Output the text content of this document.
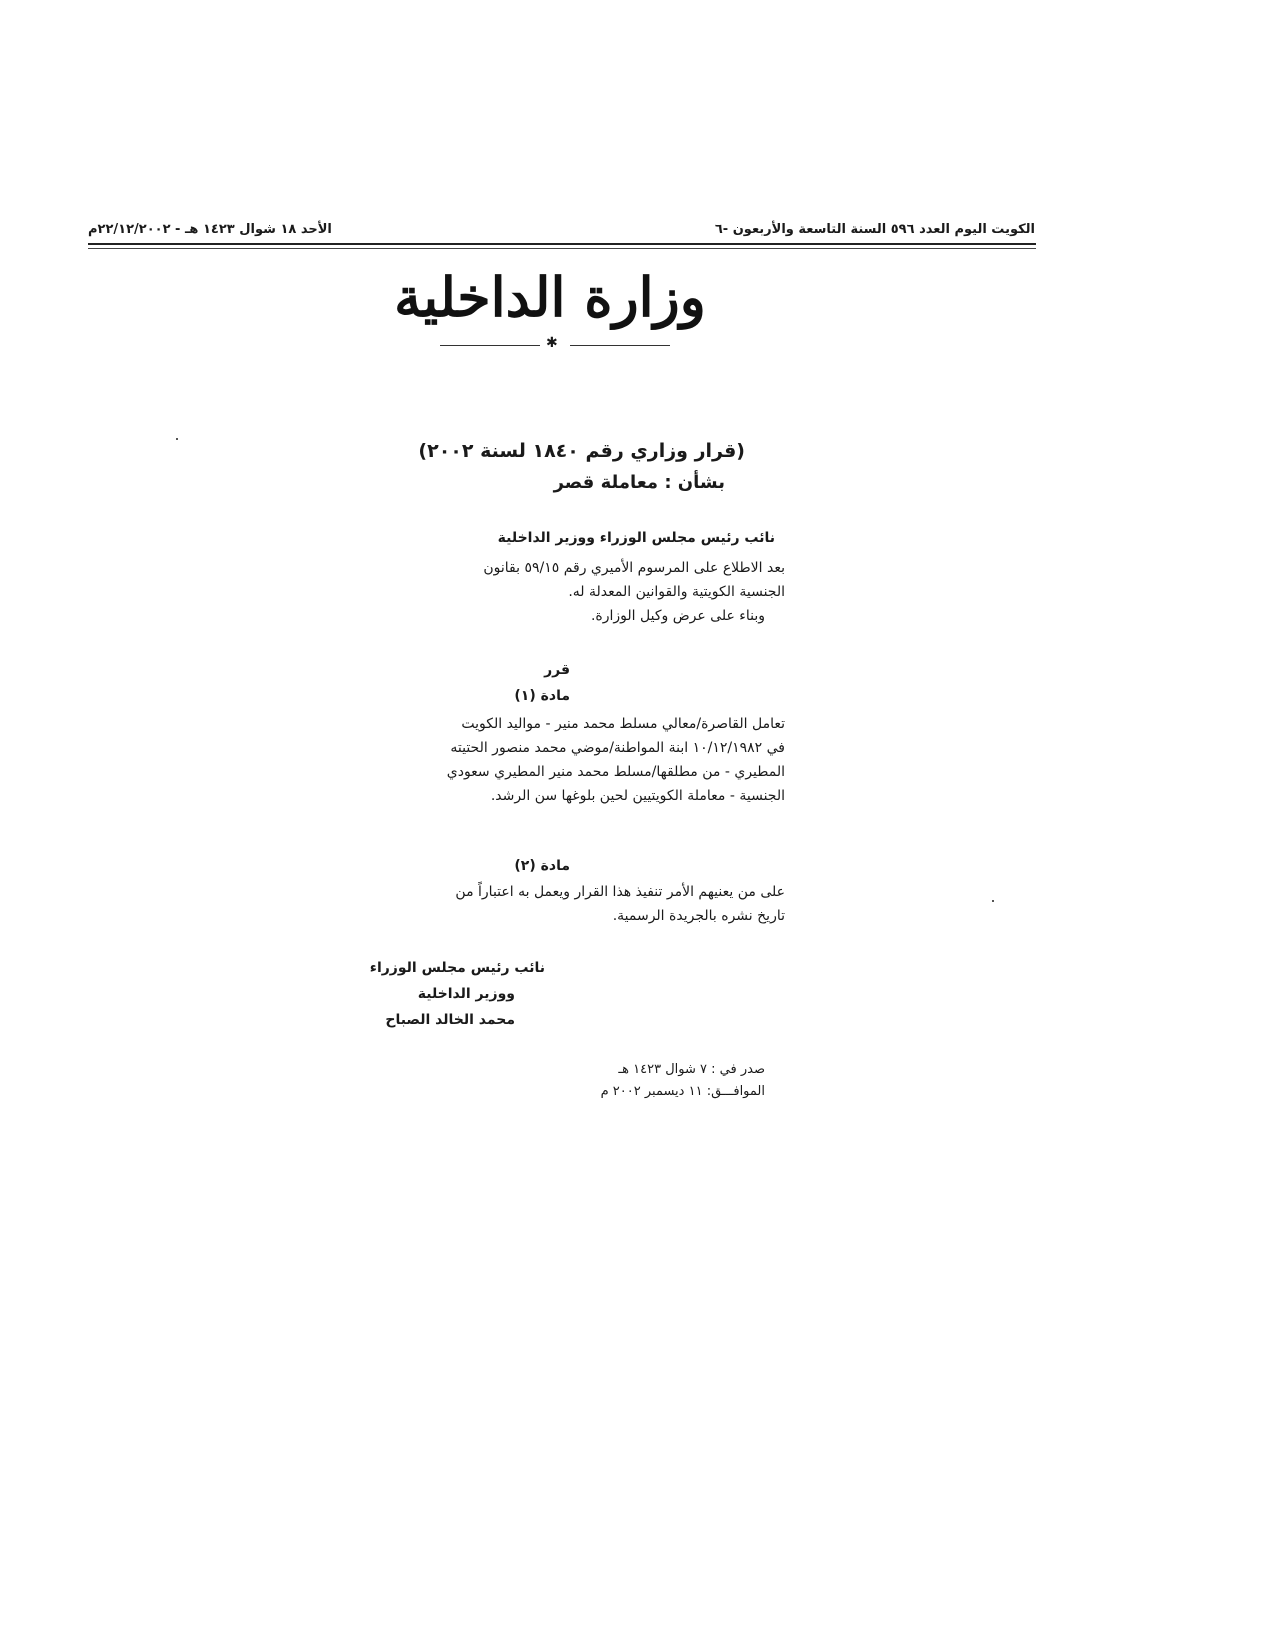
الكويت اليوم العدد ٥٩٦ السنة التاسعة والأربعون -٦
الأحد ١٨ شوال ١٤٢٣ هـ - ٢٢/١٢/٢٠٠٢م
وزارة الداخلية
✱
(قرار وزاري رقم ١٨٤٠ لسنة ٢٠٠٢)
بشأن : معاملة قصر
نائب رئيس مجلس الوزراء ووزير الداخلية
بعد الاطلاع على المرسوم الأميري رقم ٥٩/١٥ بقانون
الجنسية الكويتية والقوانين المعدلة له.
وبناء على عرض وكيل الوزارة.
قرر
مادة (١)
تعامل القاصرة/معالي مسلط محمد منير - مواليد الكويت
في ١٠/١٢/١٩٨٢ ابنة المواطنة/موضي محمد منصور الحتيته
المطيري - من مطلقها/مسلط محمد منير المطيري سعودي
الجنسية - معاملة الكويتيين لحين بلوغها سن الرشد.
مادة (٢)
على من يعنيهم الأمر تنفيذ هذا القرار ويعمل به اعتباراً من
تاريخ نشره بالجريدة الرسمية.
نائب رئيس مجلس الوزراء
ووزير الداخلية
محمد الخالد الصباح
صدر في : ٧ شوال ١٤٢٣ هـ
الموافـــق: ١١ ديسمبر ٢٠٠٢ م
